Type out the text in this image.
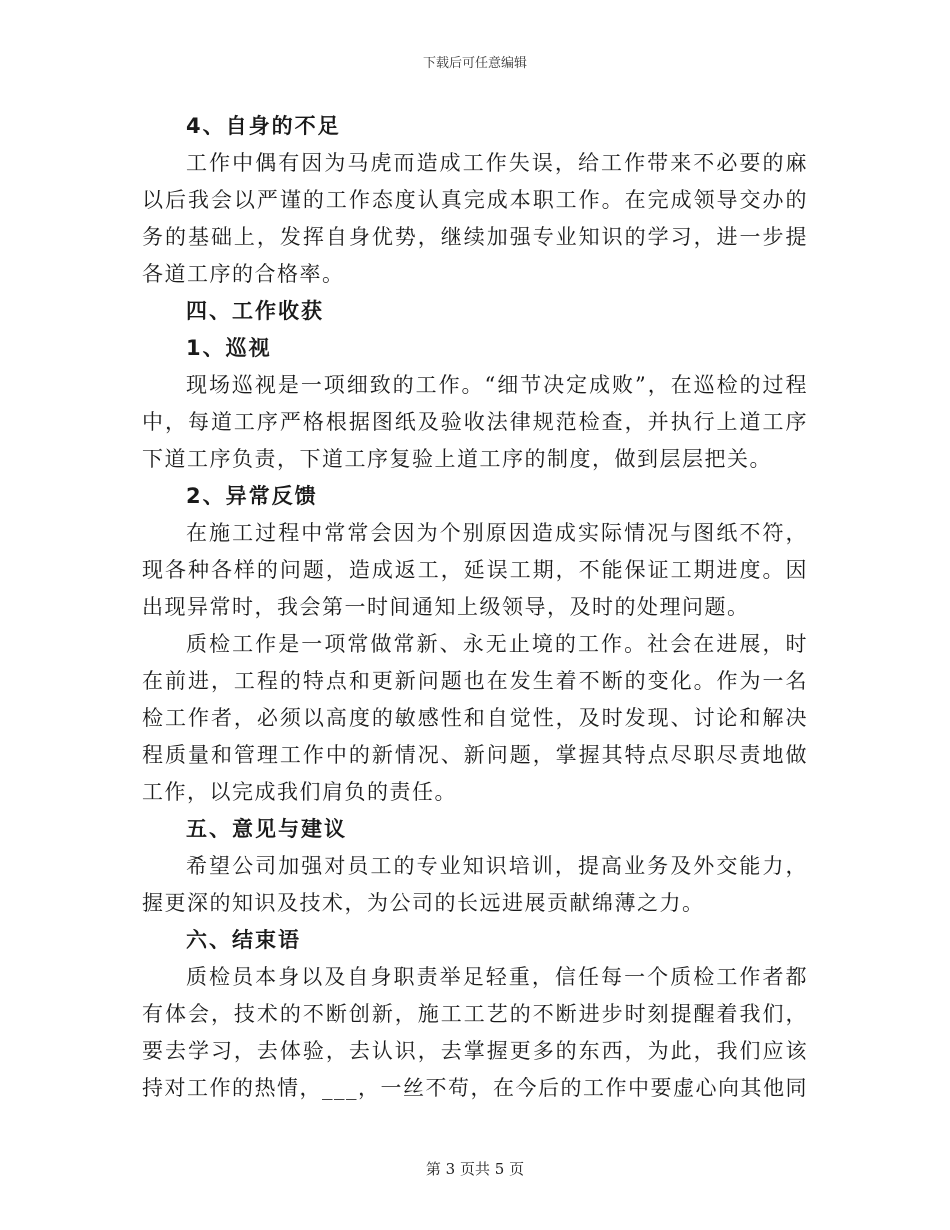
下载后可任意编辑
4、自身的不足
工作中偶有因为马虎而造成工作失误，给工作带来不必要的麻
以后我会以严谨的工作态度认真完成本职工作。在完成领导交办的
务的基础上，发挥自身优势，继续加强专业知识的学习，进一步提
各道工序的合格率。
四、工作收获
1、巡视
现场巡视是一项细致的工作。“细节决定成败”，在巡检的过程
中，每道工序严格根据图纸及验收法律规范检查，并执行上道工序
下道工序负责，下道工序复验上道工序的制度，做到层层把关。
2、异常反馈
在施工过程中常常会因为个别原因造成实际情况与图纸不符，
现各种各样的问题，造成返工，延误工期，不能保证工期进度。因
出现异常时，我会第一时间通知上级领导，及时的处理问题。
质检工作是一项常做常新、永无止境的工作。社会在进展，时
在前进，工程的特点和更新问题也在发生着不断的变化。作为一名
检工作者，必须以高度的敏感性和自觉性，及时发现、讨论和解决
程质量和管理工作中的新情况、新问题，掌握其特点尽职尽责地做
工作，以完成我们肩负的责任。
五、意见与建议
希望公司加强对员工的专业知识培训，提高业务及外交能力，
握更深的知识及技术，为公司的长远进展贡献绵薄之力。
六、结束语
质检员本身以及自身职责举足轻重，信任每一个质检工作者都
有体会，技术的不断创新，施工工艺的不断进步时刻提醒着我们，
要去学习，去体验，去认识，去掌握更多的东西，为此，我们应该
持对工作的热情，___，一丝不苟，在今后的工作中要虚心向其他同
第 3 页共 5 页
